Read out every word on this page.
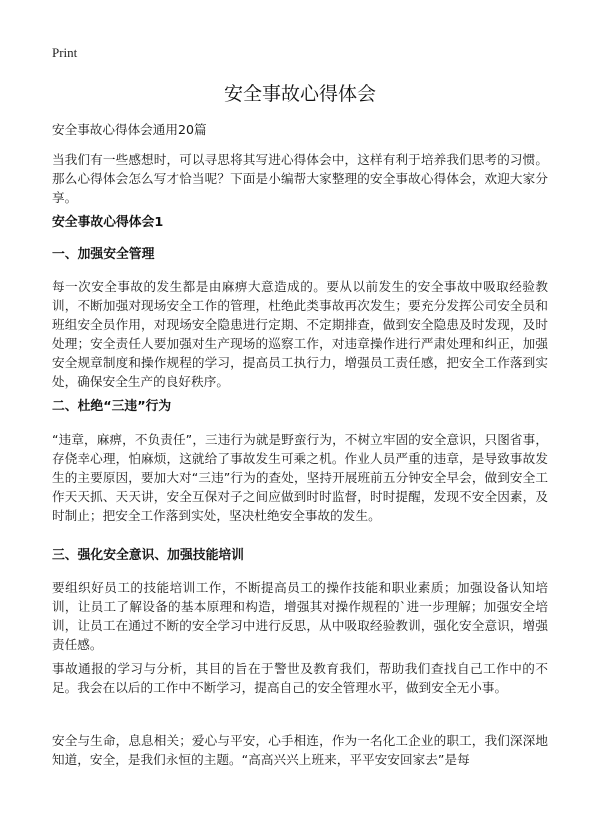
Print
安全事故心得体会

安全事故心得体会通用20篇

当我们有一些感想时，可以寻思将其写进心得体会中，这样有利于培养我们思考的习惯。那么心得体会怎么写才恰当呢？下面是小编帮大家整理的安全事故心得体会，欢迎大家分享。

安全事故心得体会1

一、加强安全管理

每一次安全事故的发生都是由麻痹大意造成的。要从以前发生的安全事故中吸取经验教训，不断加强对现场安全工作的管理，杜绝此类事故再次发生；要充分发挥公司安全员和班组安全员作用，对现场安全隐患进行定期、不定期排查，做到安全隐患及时发现，及时处理；安全责任人要加强对生产现场的巡察工作，对违章操作进行严肃处理和纠正，加强安全规章制度和操作规程的学习，提高员工执行力，增强员工责任感，把安全工作落到实处，确保安全生产的良好秩序。

二、杜绝“三违”行为

“违章，麻痹，不负责任”，三违行为就是野蛮行为，不树立牢固的安全意识，只图省事，存侥幸心理，怕麻烦，这就给了事故发生可乘之机。作业人员严重的违章，是导致事故发生的主要原因，要加大对“三违”行为的查处，坚持开展班前五分钟安全早会，做到安全工作天天抓、天天讲，安全互保对子之间应做到时时监督，时时提醒，发现不安全因素，及时制止；把安全工作落到实处，坚决杜绝安全事故的发生。

三、强化安全意识、加强技能培训

要组织好员工的技能培训工作，不断提高员工的操作技能和职业素质；加强设备认知培训，让员工了解设备的基本原理和构造，增强其对操作规程的`进一步理解；加强安全培训，让员工在通过不断的安全学习中进行反思，从中吸取经验教训，强化安全意识，增强责任感。

事故通报的学习与分析，其目的旨在于警世及教育我们，帮助我们查找自己工作中的不足。我会在以后的工作中不断学习，提高自己的安全管理水平，做到安全无小事。

安全与生命，息息相关；爱心与平安，心手相连，作为一名化工企业的职工，我们深深地知道，安全，是我们永恒的主题。“高高兴兴上班来，平平安安回家去”是每
